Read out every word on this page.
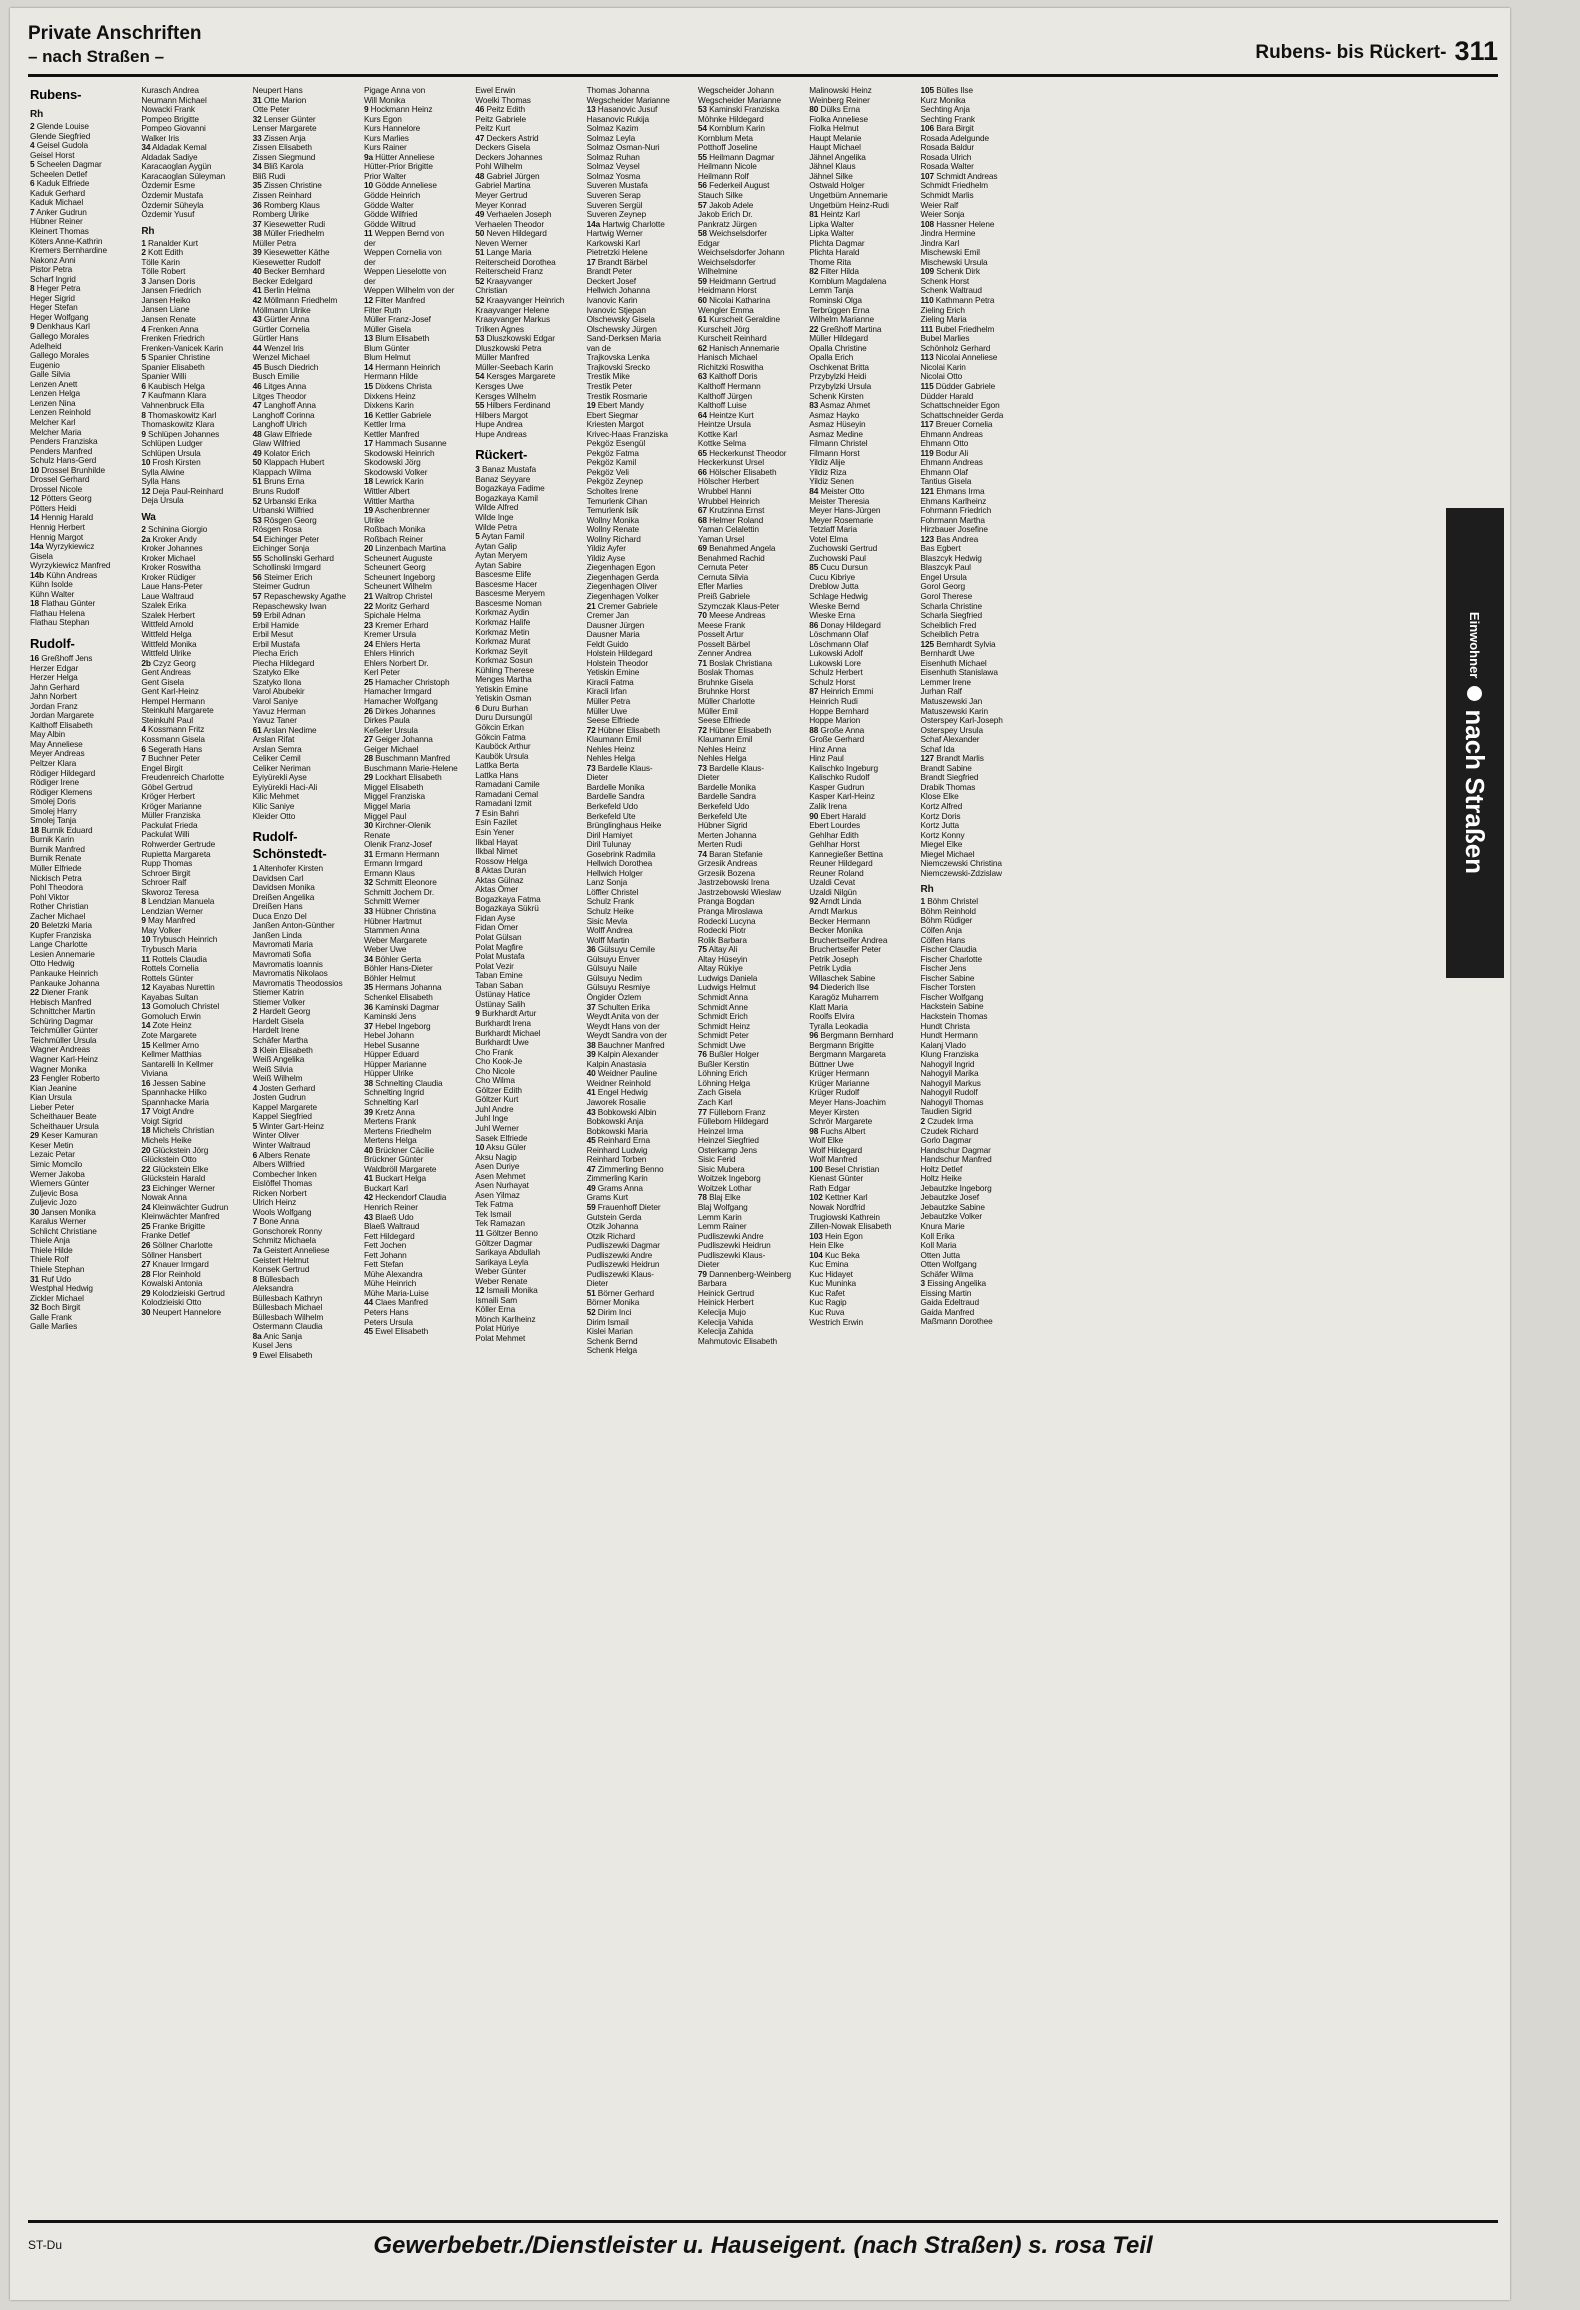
Private Anschriften
– nach Straßen –	Rubens- bis Rückert- 311
Rubens-
Rh
2 Glende Louise
Glende Siegfried
4 Geisel Gudola
Geisel Horst
5 Scheelen Dagmar
Scheelen Detlef
6 Kaduk Elfriede
Kaduk Gerhard
Kaduk Michael
7 Anker Gudrun
Hübner Reiner
Kleinert Thomas
Köters Anne-Kathrin
Kremers Bernhardine
Nakonz Anni
Pistor Petra
Scharf Ingrid
8 Heger Petra
Heger Sigrid
Heger Stefan
Heger Wolfgang
9 Denkhaus Karl
Gallego Morales
Adelheid
Gallego Morales
Eugenio
Galle Silvia
Lenzen Anett
Lenzen Helga
Lenzen Nina
Lenzen Reinhold
Melcher Karl
Melcher Maria
Penders Franziska
Penders Manfred
Schulz Hans-Gerd
10 Drossel Brunhilde
Drossel Gerhard
Drossel Nicole
12 Pötters Georg
Pötters Heidi
14 Hennig Harald
Hennig Herbert
Hennig Margot
14a Wyrzykiewicz
Gisela
Wyrzykiewicz Manfred
14b Kühn Andreas
Kühn Isolde
Kühn Walter
18 Flathau Günter
Flathau Helena
Flathau Stephan
Rudolf-
16 Greßhoff Jens
Herzer Edgar
Herzer Helga
Jahn Gerhard
Jahn Norbert
Jordan Franz
Jordan Margarete
Kalthoff Elisabeth
May Albin
May Anneliese
Meyer Andreas
Peltzer Klara
Rödiger Hildegard
Rödiger Irene
Rödiger Klemens
Smolej Doris
Smolej Harry
Smolej Tanja
18 Burnik Eduard
Burnik Karin
Burnik Manfred
Burnik Renate
Müller Elfriede
Nickisch Petra
Pohl Theodora
Pohl Viktor
Rother Christian
Zacher Michael
20 Beletzki Maria
Kupfer Franziska
Lange Charlotte
Lesien Annemarie
Otto Hedwig
Pankauke Heinrich
Pankauke Johanna
22 Diener Frank
Hebisch Manfred
Schnittcher Martin
Schüring Dagmar
Teichmüller Günter
Teichmüller Ursula
Wagner Andreas
Wagner Karl-Heinz
Wagner Monika
23 Fengler Roberto
Kian Jeanine
Kian Ursula
Lieber Peter
Scheithauer Beate
Scheithauer Ursula
29 Keser Kamuran
Keser Metin
Lezaic Petar
Simic Momcilo
Werner Jakoba
Wiemers Günter
Zuljevic Bosa
Zuljevic Jozo
30 Jansen Monika
Karalus Werner
Schlicht Christiane
Thiele Anja
Thiele Hilde
Thiele Rolf
Thiele Stephan
31 Ruf Udo
Westphal Hedwig
Zickler Michael
32 Boch Birgit
Galle Frank
Galle Marlies
Kurasch Andrea
Neumann Michael
Nowacki Frank
Pompeo Brigitte
Pompeo Giovanni
Walker Iris
34 Aldadak Kemal
Aldadak Sadiye
Karacaoglan Aygün
Karacaoglan Süleyman
Özdemir Esme
Özdemir Mustafa
Özdemir Süheyla
Özdemir Yusuf
Rh
1 Ranalder Kurt
2 Kott Edith
Tölle Karin
Tölle Robert
3 Jansen Doris
Jansen Friedrich
Jansen Heiko
Jansen Liane
Jansen Renate
4 Frenken Anna
Frenken Friedrich
Frenken-Vanicek Karin
5 Spanier Christine
Spanier Elisabeth
Spanier Willi
6 Kaubisch Helga
7 Kaufmann Klara
Vahnenbruck Ella
8 Thomaskowitz Karl
Thomaskowitz Klara
9 Schlüpen Johannes
Schlüpen Ludger
Schlüpen Ursula
10 Frosh Kirsten
Sylla Alwine
Sylla Hans
12 Deja Paul-Reinhard
Deja Ursula
Wa
2 Schinina Giorgio
2a Kroker Andy
Kroker Johannes
Kroker Michael
Kroker Roswitha
Kroker Rüdiger
Laue Hans-Peter
Laue Waltraud
Szalek Erika
Szalek Herbert
Wittfeld Arnold
Wittfeld Helga
Wittfeld Monika
Wittfeld Ulrike
2b Czyz Georg
Gent Andreas
Gent Gisela
Gent Karl-Heinz
Hempel Hermann
Steinkuhl Margarete
Steinkuhl Paul
4 Kossmann Fritz
Kossmann Gisela
6 Segerath Hans
7 Buchner Peter
Engel Birgit
Freudenreich Charlotte
Göbel Gertrud
Kröger Herbert
Kröger Marianne
Müller Franziska
Packulat Frieda
Packulat Willi
Rohwerder Gertrude
Rupietta Margareta
Rupp Thomas
Schroer Birgit
Schroer Ralf
Skworoz Teresa
8 Lendzian Manuela
Lendzian Werner
9 May Manfred
May Volker
10 Trybusch Heinrich
Trybusch Maria
11 Rottels Claudia
Rottels Cornelia
Rottels Günter
12 Kayabas Nurettin
Kayabas Sultan
13 Gomoluch Christel
Gomoluch Erwin
14 Zote Heinz
Zote Margarete
15 Kellmer Arno
Kellmer Matthias
Santarelli In Kellmer
Viviana
16 Jessen Sabine
Spannhacke Hilko
Spannhacke Maria
17 Voigt Andre
Voigt Sigrid
18 Michels Christian
Michels Heike
20 Glückstein Jörg
Glückstein Otto
22 Glückstein Elke
Glückstein Harald
23 Eichinger Werner
Nowak Anna
24 Kleinwächter Gudrun
Kleinwächter Manfred
25 Franke Brigitte
Franke Detlef
26 Söllner Charlotte
Söllner Hansbert
27 Knauer Irmgard
28 Flor Reinhold
Kowalski Antonia
29 Kolodzieiski Gertrud
Kolodzieiski Otto
30 Neupert Hannelore
Neupert Hans
31 Otte Marion
Otte Peter
32 Lenser Günter
Lenser Margarete
33 Zissen Anja
Zissen Elisabeth
Zissen Siegmund
34 Bliß Karola
Bliß Rudi
35 Zissen Christine
Zissen Reinhard
36 Romberg Klaus
Romberg Ulrike
37 Kiesewetter Rudi
38 Müller Friedhelm
Müller Petra
39 Kiesewetter Käthe
Kiesewetter Rudolf
40 Becker Bernhard
Becker Edelgard
41 Berlin Helma
42 Möllmann Friedhelm
Möllmann Ulrike
43 Gürtler Anna
Gürtler Cornelia
Gürtler Hans
44 Wenzel Iris
Wenzel Michael
45 Busch Diedrich
Busch Emilie
46 Litges Anna
Litges Theodor
47 Langhoff Anna
Langhoff Corinna
Langhoff Ulrich
48 Glaw Elfriede
Glaw Wilfried
49 Kolator Erich
50 Klappach Hubert
Klappach Wilma
51 Bruns Erna
Bruns Rudolf
52 Urbanski Erika
Urbanski Wilfried
53 Rösgen Georg
Rösgen Rosa
54 Eichinger Peter
Eichinger Sonja
55 Schollinski Gerhard
Schollinski Irmgard
56 Steimer Erich
Steimer Gudrun
57 Repaschewsky Agathe
Repaschewsky Iwan
59 Erbil Adnan
Erbil Hamide
Erbil Mesut
Erbil Mustafa
Piecha Erich
Piecha Hildegard
Szatyko Elke
Szatyko Ilona
Varol Abubekir
Varol Saniye
Yavuz Herman
Yavuz Taner
61 Arslan Nedime
Arslan Rifat
Arslan Semra
Celiker Cemil
Celiker Neriman
Eyiyürekli Ayse
Eyiyürekli Haci-Ali
Kilic Mehmet
Kilic Saniye
Kleider Otto
Rudolf-Schönstedt-
1 Altenhofer Kirsten
Davidsen Carl
Davidsen Monika
Dreißen Angelika
Dreißen Hans
Duca Enzo Del
Janßen Anton-Günther
Janßen Linda
Mavromati Maria
Mavromati Sofia
Mavromatis Ioannis
Mavromatis Nikolaos
Mavromatis Theodossios
Stiemer Katrin
Stiemer Volker
2 Hardelt Georg
Hardelt Gisela
Hardelt Irene
Schäfer Martha
3 Klein Elisabeth
Weiß Angelika
Weiß Silvia
Weiß Wilhelm
4 Josten Gerhard
Josten Gudrun
Kappel Margarete
Kappel Siegfried
5 Winter Gart-Heinz
Winter Oliver
Winter Waltraud
6 Albers Renate
Albers Wilfried
Combecher Inken
Eislöffel Thomas
Ricken Norbert
Ulrich Heinz
Wools Wolfgang
7 Bone Anna
Gonschorek Ronny
Schmitz Michaela
7a Geistert Anneliese
Geistert Helmut
Konsek Gertrud
8 Büllesbach
Aleksandra
Büllesbach Kathryn
Büllesbach Michael
Büllesbach Wilhelm
Ostermann Claudia
8a Anic Sanja
Kusel Jens
9 Ewel Elisabeth
Pigage Anna von
Will Monika
9 Hockmann Heinz
Kurs Egon
Kurs Hannelore
Kurs Marlies
Kurs Rainer
9a Hütter Anneliese
Hütter-Prior Brigitte
Prior Walter
10 Gödde Anneliese
Gödde Heinrich
Gödde Walter
Gödde Wilfried
Gödde Wiltrud
11 Weppen Bernd von
der
Weppen Cornelia von
der
Weppen Lieselotte von
der
Weppen Wilhelm von der
12 Filter Manfred
Filter Ruth
Müller Franz-Josef
Müller Gisela
13 Blum Elisabeth
Blum Günter
Blum Helmut
14 Hermann Heinrich
Hermann Hilde
15 Dixkens Christa
Dixkens Heinz
Dixkens Karin
16 Kettler Gabriele
Kettler Irma
Kettler Manfred
17 Hammach Susanne
Skodowski Heinrich
Skodowski Jörg
Skodowski Volker
18 Lewrick Karin
Wittler Albert
Wittler Martha
19 Aschenbrenner
Ulrike
Roßbach Monika
Roßbach Reiner
20 Linzenbach Martina
Scheunert Auguste
Scheunert Georg
Scheunert Ingeborg
Scheunert Wilhelm
21 Waltrop Christel
22 Moritz Gerhard
Spichale Helma
23 Kremer Erhard
Kremer Ursula
24 Ehlers Herta
Ehlers Hinrich
Ehlers Norbert Dr.
Kerl Peter
25 Hamacher Christoph
Hamacher Irmgard
Hamacher Wolfgang
26 Dirkes Johannes
Dirkes Paula
Keßeler Ursula
27 Geiger Johanna
Geiger Michael
28 Buschmann Manfred
Buschmann Marie-Helene
29 Lockhart Elisabeth
Miggel Elisabeth
Miggel Franziska
Miggel Maria
Miggel Paul
30 Kirchner-Olenik
Renate
Olenik Franz-Josef
31 Ermann Hermann
Ermann Irmgard
Ermann Klaus
32 Schmitt Eleonore
Schmitt Jochem Dr.
Schmitt Werner
33 Hübner Christina
Hübner Hartmut
Stammen Anna
Weber Margarete
Weber Uwe
34 Böhler Gerta
Böhler Hans-Dieter
Böhler Helmut
35 Hermans Johanna
Schenkel Elisabeth
36 Kaminski Dagmar
Kaminski Jens
37 Hebel Ingeborg
Hebel Johann
Hebel Susanne
Hüpper Eduard
Hüpper Marianne
Hüpper Ulrike
38 Schnelting Claudia
Schnelting Ingrid
Schnelting Karl
39 Kretz Anna
Mertens Frank
Mertens Friedhelm
Mertens Helga
40 Brückner Cäcilie
Brückner Günter
Waldbröll Margarete
41 Buckart Helga
Buckart Karl
42 Heckendorf Claudia
Henrich Reiner
43 Blaeß Udo
Blaeß Waltraud
Fett Hildegard
Fett Jochen
Fett Johann
Fett Stefan
Mühe Alexandra
Mühe Heinrich
Mühe Maria-Luise
44 Claes Manfred
Peters Hans
Peters Ursula
45 Ewel Elisabeth
Ewel Erwin
Woelki Thomas
46 Peitz Edith
Peitz Gabriele
Peitz Kurt
47 Deckers Astrid
Deckers Gisela
Deckers Johannes
Pohl Wilhelm
48 Gabriel Jürgen
Gabriel Martina
Meyer Gertrud
Meyer Konrad
49 Verhaelen Joseph
Verhaelen Theodor
50 Neven Hildegard
Neven Werner
51 Lange Maria
Reiterscheid Dorothea
Reiterscheid Franz
52 Kraayvanger
Christian
52 Kraayvanger Heinrich
Kraayvanger Helene
Kraayvanger Markus
Trilken Agnes
53 Dluszkowski Edgar
Dluszkowski Petra
Müller Manfred
Müller-Seebach Karin
54 Kersges Margarete
Kersges Uwe
Kersges Wilhelm
55 Hilbers Ferdinand
Hilbers Margot
Hupe Andrea
Hupe Andreas
Rückert-
3 Banaz Mustafa
Banaz Seyyare
Bogazkaya Fadime
Bogazkaya Kamil
Wilde Alfred
Wilde Inge
Wilde Petra
5 Aytan Famil
Aytan Galip
Aytan Meryem
Aytan Sabire
Bascesme Elife
Bascesme Hacer
Bascesme Meryem
Bascesme Noman
Korkmaz Aydin
Korkmaz Halife
Korkmaz Metin
Korkmaz Murat
Korkmaz Seyit
Korkmaz Sosun
Kühling Therese
Menges Martha
Yetiskin Emine
Yetiskin Osman
6 Duru Burhan
Duru Dursungül
Gökcin Erkan
Gökcin Fatma
Kauböck Arthur
Kaubök Ursula
Lattka Berta
Lattka Hans
Ramadani Camile
Ramadani Cemal
Ramadani Izmit
7 Esin Bahri
Esin Fazilet
Esin Yener
Ilkbal Hayat
Ilkbal Nimet
Rossow Helga
8 Aktas Duran
Aktas Gülnaz
Aktas Ömer
Bogazkaya Fatma
Bogazkaya Sükrü
Fidan Ayse
Fidan Ömer
Polat Gülsan
Polat Magfire
Polat Mustafa
Polat Vezir
Taban Emine
Taban Saban
Üstünay Hatice
Üstünay Salih
9 Burkhardt Artur
Burkhardt Irena
Burkhardt Michael
Burkhardt Uwe
Cho Frank
Cho Kook-Je
Cho Nicole
Cho Wilma
Göltzer Edith
Göltzer Kurt
Juhl Andre
Juhl Inge
Juhl Werner
Sasek Elfriede
10 Aksu Güler
Aksu Nagip
Asen Duriye
Asen Mehmet
Asen Nurhayat
Asen Yilmaz
Tek Fatma
Tek Ismail
Tek Ramazan
11 Göltzer Benno
Göltzer Dagmar
Sarikaya Abdullah
Sarikaya Leyla
Weber Günter
Weber Renate
12 Ismaili Monika
Ismaili Sam
Köller Erna
Mönch Karlheinz
Polat Hüriye
Polat Mehmet
Thomas Johanna
Wegscheider Marianne
13 Hasanovic Jusuf
Hasanovic Rukija
Solmaz Kazim
Solmaz Leyla
Solmaz Osman-Nuri
Solmaz Ruhan
Solmaz Veysel
Solmaz Yosma
Suveren Mustafa
Suveren Serap
Suveren Sergül
Suveren Zeynep
14a Hartwig Charlotte
Hartwig Werner
Karkowski Karl
Pietretzki Helene
17 Brandt Bärbel
Brandt Peter
Deckert Josef
Hellwich Johanna
Ivanovic Karin
Ivanovic Stjepan
Olschewsky Gisela
Olschewsky Jürgen
Sand-Derksen Maria
van de
Trajkovska Lenka
Trajkovski Srecko
Trestik Mike
Trestik Peter
Trestik Rosmarie
19 Ebert Mandy
Ebert Siegmar
Kriesten Margot
Krivec-Haas Franziska
Pekgöz Esengül
Pekgöz Fatma
Pekgöz Kamil
Pekgöz Veli
Pekgöz Zeynep
Scholtes Irene
Temurlenk Cihan
Temurlenk Isik
Wollny Monika
Wollny Renate
Wollny Richard
Yildiz Ayfer
Yildiz Ayse
Ziegenhagen Egon
Ziegenhagen Gerda
Ziegenhagen Oliver
Ziegenhagen Volker
21 Cremer Gabriele
Cremer Jan
Dausner Jürgen
Dausner Maria
Feldt Guido
Holstein Hildegard
Holstein Theodor
Yetiskin Emine
Kiracli Fatma
Kiracli Irfan
Müller Petra
Müller Uwe
Seese Elfriede
72 Hübner Elisabeth
Klaumann Emil
Nehles Heinz
Nehles Helga
73 Bardelle Klaus-
Dieter
Bardelle Monika
Bardelle Sandra
Berkefeld Udo
Berkefeld Ute
Brünglinghaus Heike
Diril Hamiyet
Diril Tulunay
Gosebrink Radmila
Hellwich Dorothea
Hellwich Holger
Lanz Sonja
Löffler Christel
Schulz Frank
Schulz Heike
Sisic Mevla
Wolff Andrea
Wolff Martin
36 Gülsuyu Cemile
Gülsuyu Enver
Gülsuyu Naile
Gülsuyu Nedim
Gülsuyu Resmiye
Öngider Özlem
37 Schulten Erika
Weydt Anita von der
Weydt Hans von der
Weydt Sandra von der
38 Bauchner Manfred
39 Kalpin Alexander
Kalpin Anastasia
40 Weidner Pauline
Weidner Reinhold
41 Engel Hedwig
Jaworek Rosalie
43 Bobkowski Albin
Bobkowski Anja
Bobkowski Maria
45 Reinhard Erna
Reinhard Ludwig
Reinhard Torben
47 Zimmerling Benno
Zimmerling Karin
49 Grams Anna
Grams Kurt
59 Frauenhoff Dieter
Gutstein Gerda
Otzik Johanna
Otzik Richard
Pudliszewki Dagmar
Pudliszewki Andre
Pudliszewki Heidrun
Pudliszewki Klaus-
Dieter
51 Börner Gerhard
Börner Monika
52 Dirim Inci
Dirim Ismail
Kislei Marian
Schenk Bernd
Schenk Helga
Wegscheider Johann
Wegscheider Marianne
53 Kaminski Franziska
Möhnke Hildegard
54 Kornblum Karin
Kornblum Meta
Potthoff Joseline
55 Heilmann Dagmar
Heilmann Nicole
Heilmann Rolf
56 Federkeil August
Stauch Silke
57 Jakob Adele
Jakob Erich Dr.
Pankratz Jürgen
58 Weichselsdorfer
Edgar
Weichselsdorfer Johann
Weichselsdorfer
Wilhelmine
59 Heidmann Gertrud
Heidmann Horst
60 Nicolai Katharina
Wengler Emma
61 Kurscheit Geraldine
Kurscheit Jörg
Kurscheit Reinhard
62 Hanisch Annemarie
Hanisch Michael
Richitzki Roswitha
63 Kalthoff Doris
Kalthoff Hermann
Kalthoff Jürgen
Kalthoff Luise
64 Heintze Kurt
Heintze Ursula
Kottke Karl
Kottke Selma
65 Heckerkunst Theodor
Heckerkunst Ursel
66 Hölscher Elisabeth
Hölscher Herbert
Wrubbel Hanni
Wrubbel Heinrich
67 Krutzinna Ernst
68 Helmer Roland
Yaman Celalettin
Yaman Ursel
69 Benahmed Angela
Benahmed Rachid
Cernuta Peter
Cernuta Silvia
Efler Marlies
Preiß Gabriele
Szymczak Klaus-Peter
70 Meese Andreas
Meese Frank
Posselt Artur
Posselt Bärbel
Zenner Andrea
71 Boslak Christiana
Boslak Thomas
Bruhnke Gisela
Bruhnke Horst
Müller Charlotte
Müller Emil
Seese Elfriede
72 Hübner Elisabeth
Klaumann Emil
Nehles Heinz
Nehles Helga
73 Bardelle Klaus-
Dieter
Bardelle Monika
Bardelle Sandra
Berkefeld Udo
Berkefeld Ute
Hübner Sigrid
Merten Johanna
Merten Rudi
74 Baran Stefanie
Grzesik Andreas
Grzesik Bozena
Jastrzebowski Irena
Jastrzebowski Wieslaw
Pranga Bogdan
Pranga Miroslawa
Rodecki Lucyna
Rodecki Piotr
Rolik Barbara
75 Altay Ali
Altay Hüseyin
Altay Rükiye
Ludwigs Daniela
Ludwigs Helmut
Schmidt Anna
Schmidt Anne
Schmidt Erich
Schmidt Heinz
Schmidt Peter
Schmidt Uwe
76 Bußler Holger
Bußler Kerstin
Löhning Erich
Löhning Helga
Zach Gisela
Zach Karl
77 Fülleborn Franz
Fülleborn Hildegard
Heinzel Irma
Heinzel Siegfried
Osterkamp Jens
Sisic Ferid
Sisic Mubera
Woitzek Ingeborg
Woitzek Lothar
78 Blaj Elke
Blaj Wolfgang
Lemm Karin
Lemm Rainer
Pudliszewki Andre
Pudliszewki Heidrun
Pudliszewki Klaus-
Dieter
79 Dannenberg-Weinberg
Barbara
Heinick Gertrud
Heinick Herbert
Kelecija Mujo
Kelecija Vahida
Kelecija Zahida
Mahmutovic Elisabeth
Malinowski Heinz
Weinberg Reiner
80 Dülks Erna
Fiolka Anneliese
Fiolka Helmut
Haupt Melanie
Haupt Michael
Jähnel Angelika
Jähnel Klaus
Jähnel Silke
Ostwald Holger
Ungetbüm Annemarie
Ungetbüm Heinz-Rudi
81 Heintz Karl
Lipka Walter
Lipka Walter
Plichta Dagmar
Plichta Harald
Thome Rita
82 Filter Hilda
Kornblum Magdalena
Lemm Tanja
Rominski Olga
Terbrüggen Erna
Wilhelm Marianne
22 Greßhoff Martina
Müller Hildegard
Opalla Christine
Opalla Erich
Oschkenat Britta
Przybylzki Heidi
Przybylzki Ursula
Schenk Kirsten
83 Asmaz Ahmet
Asmaz Hayko
Asmaz Hüseyin
Asmaz Medine
Filmann Christel
Filmann Horst
Yildiz Alije
Yildiz Riza
Yildiz Senen
84 Meister Otto
Meister Theresia
Meyer Hans-Jürgen
Meyer Rosemarie
Tetzlaff Maria
Votel Elma
Zuchowski Gertrud
Zuchowski Paul
85 Cucu Dursun
Cucu Kibriye
Dreblow Jutta
Schlage Hedwig
Wieske Bernd
Wieske Erna
86 Donay Hildegard
Löschmann Olaf
Löschmann Olaf
Lukowski Adolf
Lukowski Lore
Schulz Herbert
Schulz Horst
87 Heinrich Emmi
Heinrich Rudi
Hoppe Bernhard
Hoppe Marion
88 Große Anna
Große Gerhard
Hinz Anna
Hinz Paul
Kalischko Ingeburg
Kalischko Rudolf
Kasper Gudrun
Kasper Karl-Heinz
Zalik Irena
90 Ebert Harald
Ebert Lourdes
Gehlhar Edith
Gehlhar Horst
Kannegießer Bettina
Reuner Hildegard
Reuner Roland
Uzaldi Cevat
Uzaldi Nilgün
92 Arndt Linda
Arndt Markus
Becker Hermann
Becker Monika
Bruchertseifer Andrea
Bruchertseifer Peter
Petrik Joseph
Petrik Lydia
Willaschek Sabine
94 Diederich Ilse
Karagöz Muharrem
Klatt Maria
Roolfs Elvira
Tyralla Leokadia
96 Bergmann Bernhard
Bergmann Brigitte
Bergmann Margareta
Büttner Uwe
Krüger Hermann
Krüger Marianne
Krüger Rudolf
Meyer Hans-Joachim
Meyer Kirsten
Schrör Margarete
98 Fuchs Albert
Wolf Elke
Wolf Hildegard
Wolf Manfred
100 Besel Christian
Kienast Günter
Rath Edgar
102 Kettner Karl
Nowak Nordfrid
Trugiowski Kathrein
Zillen-Nowak Elisabeth
103 Hein Egon
Hein Elke
104 Kuc Beka
Kuc Emina
Kuc Hidayet
Kuc Muninka
Kuc Rafet
Kuc Ragip
Kuc Ruva
Westrich Erwin
105 Bülles Ilse
Kurz Monika
Sechting Anja
Sechting Frank
106 Bara Birgit
Rosada Adelgunde
Rosada Baldur
Rosada Ulrich
Rosada Walter
107 Schmidt Andreas
Schmidt Friedhelm
Schmidt Marlis
Weier Ralf
Weier Sonja
108 Hassner Helene
Jindra Hermine
Jindra Karl
Mischewski Emil
Mischewski Ursula
109 Schenk Dirk
Schenk Horst
Schenk Waltraud
110 Kathmann Petra
Zieling Erich
Zieling Maria
111 Bubel Friedhelm
Bubel Marlies
Schönholz Gerhard
113 Nicolai Anneliese
Nicolai Karin
Nicolai Otto
115 Düdder Gabriele
Düdder Harald
Schattschneider Egon
Schattschneider Gerda
117 Breuer Cornelia
Ehmann Andreas
Ehmann Otto
119 Bodur Ali
Ehmann Andreas
Ehmann Olaf
Tantius Gisela
121 Ehmans Irma
Ehmans Karlheinz
Fohrmann Friedrich
Fohrmann Martha
Hirzbauer Josefine
123 Bas Andrea
Bas Egbert
Blaszcyk Hedwig
Blaszcyk Paul
Engel Ursula
Gorol Georg
Gorol Therese
Scharla Christine
Scharla Siegfried
Scheiblich Fred
Scheiblich Petra
125 Bernhardt Sylvia
Bernhardt Uwe
Eisenhuth Michael
Eisenhuth Stanislawa
Lemmer Irene
Jurhan Ralf
Matuszewski Jan
Matuszewski Karin
Osterspey Karl-Joseph
Osterspey Ursula
Schaf Alexander
Schaf Ida
127 Brandt Marlis
Brandt Sabine
Brandt Siegfried
Drabik Thomas
Klose Elke
Kortz Alfred
Kortz Doris
Kortz Jutta
Kortz Konny
Miegel Elke
Miegel Michael
Niemczewski Christina
Niemczewski-Zdzislaw
Rh
1 Böhm Christel
Böhm Reinhold
Böhm Rüdiger
Cölfen Anja
Cölfen Hans
Fischer Claudia
Fischer Charlotte
Fischer Jens
Fischer Sabine
Fischer Torsten
Fischer Wolfgang
Hackstein Sabine
Hackstein Thomas
Hundt Christa
Hundt Hermann
Kalanj Vlado
Klung Franziska
Nahogyil Ingrid
Nahogyil Marika
Nahogyil Markus
Nahogyil Rudolf
Nahogyil Thomas
Taudien Sigrid
2 Czudek Irma
Czudek Richard
Gorlo Dagmar
Handschur Dagmar
Handschur Manfred
Holtz Detlef
Holtz Heike
Jebautzke Ingeborg
Jebautzke Josef
Jebautzke Sabine
Jebautzke Volker
Knura Marie
Koll Erika
Koll Maria
Otten Jutta
Otten Wolfgang
Schäfer Wilma
3 Eissing Angelika
Eissing Martin
Gaida Edeltraud
Gaida Manfred
Maßmann Dorothee
Einwohner
nach Straßen
ST-Du	Gewerbebetr./Dienstleister u. Hauseigent. (nach Straßen) s. rosa Teil
